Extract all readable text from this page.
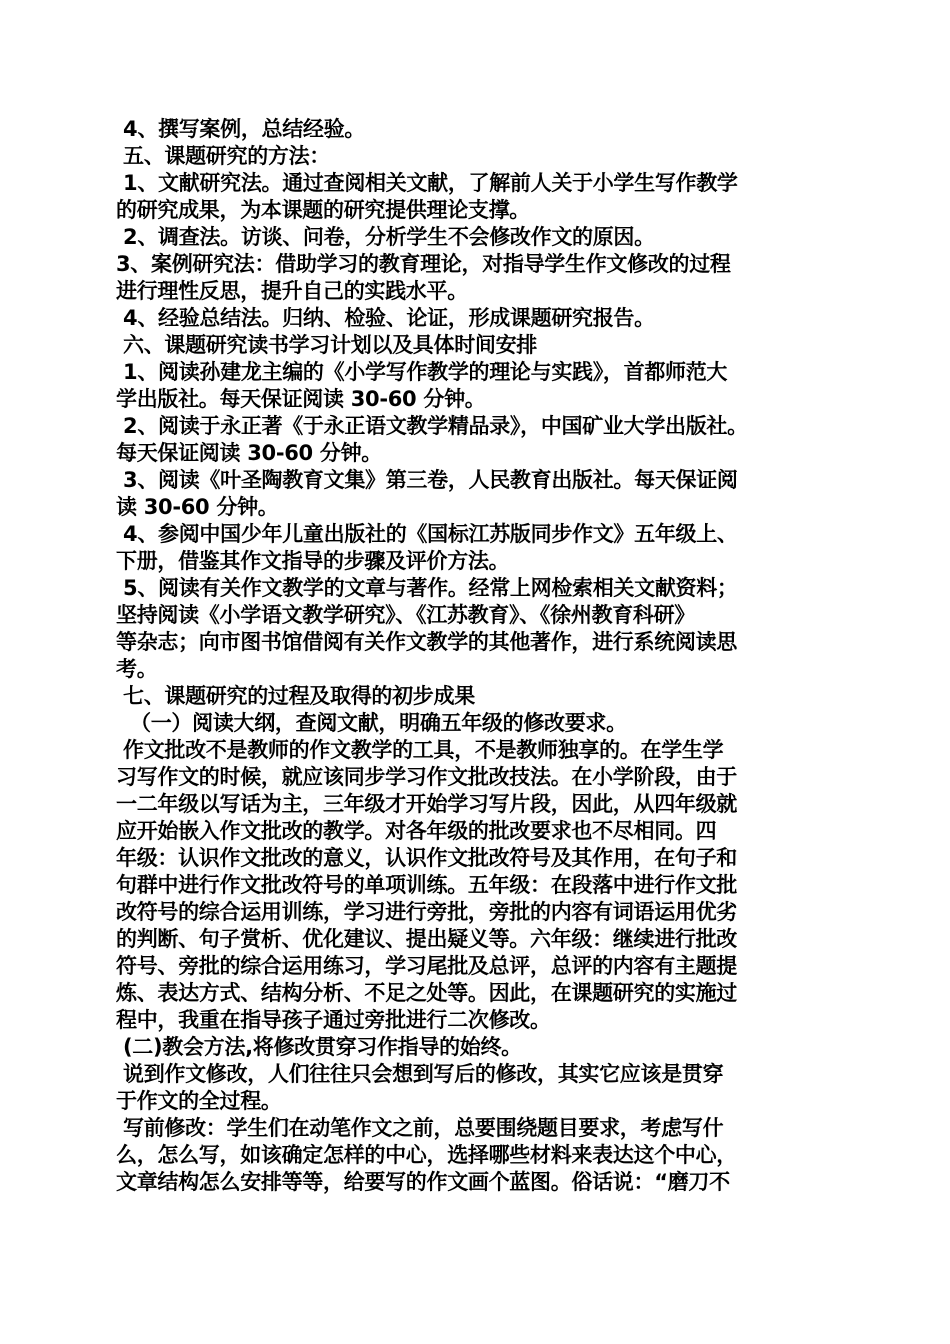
4、撰写案例，总结经验。
五、课题研究的方法：
1、文献研究法。通过查阅相关文献，了解前人关于小学生写作教学
的研究成果，为本课题的研究提供理论支撑。
2、调查法。访谈、问卷，分析学生不会修改作文的原因。
3、案例研究法：借助学习的教育理论，对指导学生作文修改的过程
进行理性反思，提升自己的实践水平。
4、经验总结法。归纳、检验、论证，形成课题研究报告。
六、课题研究读书学习计划以及具体时间安排
1、阅读孙建龙主编的《小学写作教学的理论与实践》，首都师范大
学出版社。每天保证阅读 30-60 分钟。
2、阅读于永正著《于永正语文教学精品录》，中国矿业大学出版社。
每天保证阅读 30-60 分钟。
3、阅读《叶圣陶教育文集》第三卷，人民教育出版社。每天保证阅
读 30-60 分钟。
4、参阅中国少年儿童出版社的《国标江苏版同步作文》五年级上、
下册，借鉴其作文指导的步骤及评价方法。
5、阅读有关作文教学的文章与著作。经常上网检索相关文献资料；
坚持阅读《小学语文教学研究》、《江苏教育》、《徐州教育科研》
等杂志；向市图书馆借阅有关作文教学的其他著作，进行系统阅读思
考。
七、课题研究的过程及取得的初步成果
（一）阅读大纲，查阅文献，明确五年级的修改要求。
作文批改不是教师的作文教学的工具，不是教师独享的。在学生学
习写作文的时候，就应该同步学习作文批改技法。在小学阶段，由于
一二年级以写话为主，三年级才开始学习写片段，因此，从四年级就
应开始嵌入作文批改的教学。对各年级的批改要求也不尽相同。四
年级：认识作文批改的意义，认识作文批改符号及其作用，在句子和
句群中进行作文批改符号的单项训练。五年级：在段落中进行作文批
改符号的综合运用训练，学习进行旁批，旁批的内容有词语运用优劣
的判断、句子赏析、优化建议、提出疑义等。六年级：继续进行批改
符号、旁批的综合运用练习，学习尾批及总评，总评的内容有主题提
炼、表达方式、结构分析、不足之处等。因此，在课题研究的实施过
程中，我重在指导孩子通过旁批进行二次修改。
(二)教会方法,将修改贯穿习作指导的始终。
说到作文修改，人们往往只会想到写后的修改，其实它应该是贯穿
于作文的全过程。
写前修改：学生们在动笔作文之前，总要围绕题目要求，考虑写什
么，怎么写，如该确定怎样的中心，选择哪些材料来表达这个中心，
文章结构怎么安排等等，给要写的作文画个蓝图。俗话说：“磨刀不
